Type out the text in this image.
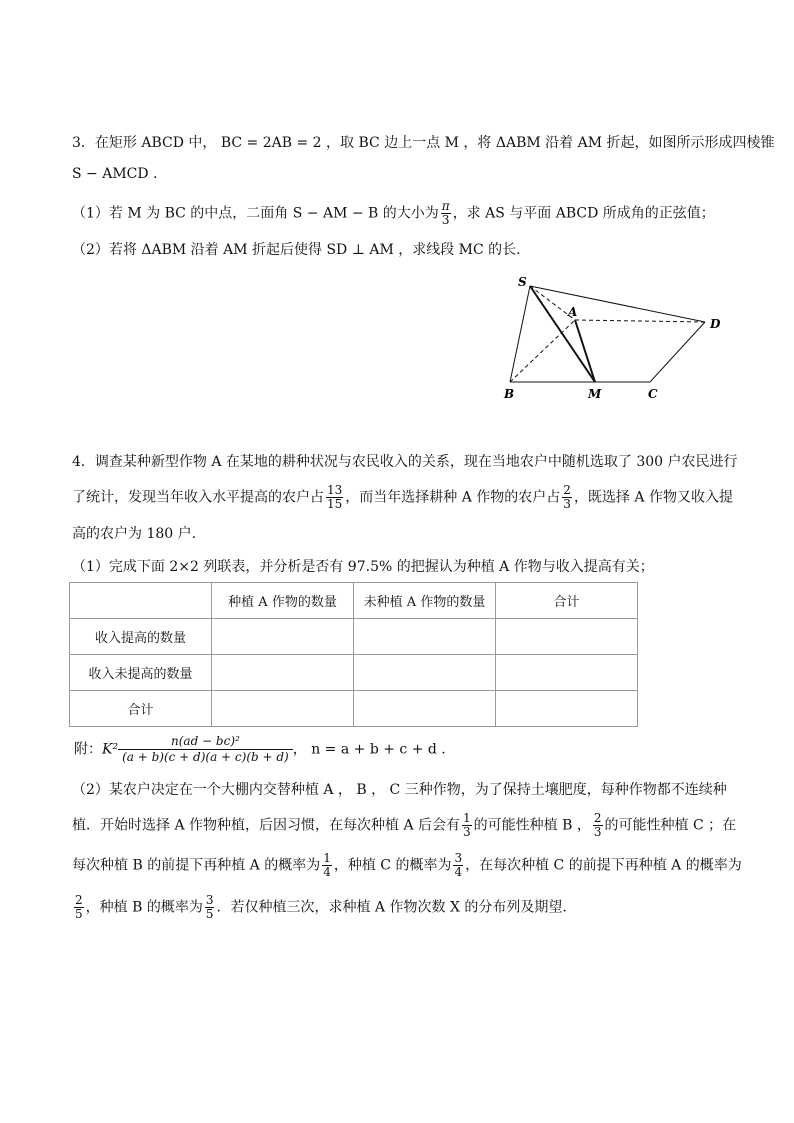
3．在矩形 ABCD 中， BC = 2AB = 2 ，取 BC 边上一点 M ，将 ΔABM 沿着 AM 折起，如图所示形成四棱锥
S − AMCD .
（1）若 M 为 BC 的中点，二面角 S − AM − B 的大小为 $\frac{\pi}{3}$ ，求 AS 与平面 ABCD 所成角的正弦值；
（2）若将 ΔABM 沿着 AM 折起后使得 SD ⊥ AM ，求线段 MC 的长.
S
A
D
B	M	C
4．调查某种新型作物 A 在某地的耕种状况与农民收入的关系，现在当地农户中随机选取了 300 户农民进行
了统计，发现当年收入水平提高的农户占 $\frac{13}{15}$ ，而当年选择耕种 A 作物的农户占 $\frac{2}{3}$ ，既选择 A 作物又收入提
高的农户为 180 户.
（1）完成下面 2×2 列联表，并分析是否有 97.5% 的把握认为种植 A 作物与收入提高有关；
	种植 A 作物的数量	未种植 A 作物的数量	合计
收入提高的数量			
收入未提高的数量			
合计			
附：$K^2 \frac{\text{n(ad − bc)²}}{(a + b)(c + d)(a + c)(b + d)}$ ， n = a + b + c + d .
（2）某农户决定在一个大棚内交替种植 A ， B ， C 三种作物，为了保持土壤肥度，每种作物都不连续种
植．开始时选择 A 作物种植，后因习惯，在每次种植 A 后会有 $\frac{1}{3}$ 的可能性种植 B ， $\frac{2}{3}$ 的可能性种植 C ；在
每次种植 B 的前提下再种植 A 的概率为 $\frac{1}{4}$ ，种植 C 的概率为 $\frac{3}{4}$ ，在每次种植 C 的前提下再种植 A 的概率为
$\frac{2}{5}$ ，种植 B 的概率为 $\frac{3}{5}$ ．若仅种植三次，求种植 A 作物次数 X 的分布列及期望．
